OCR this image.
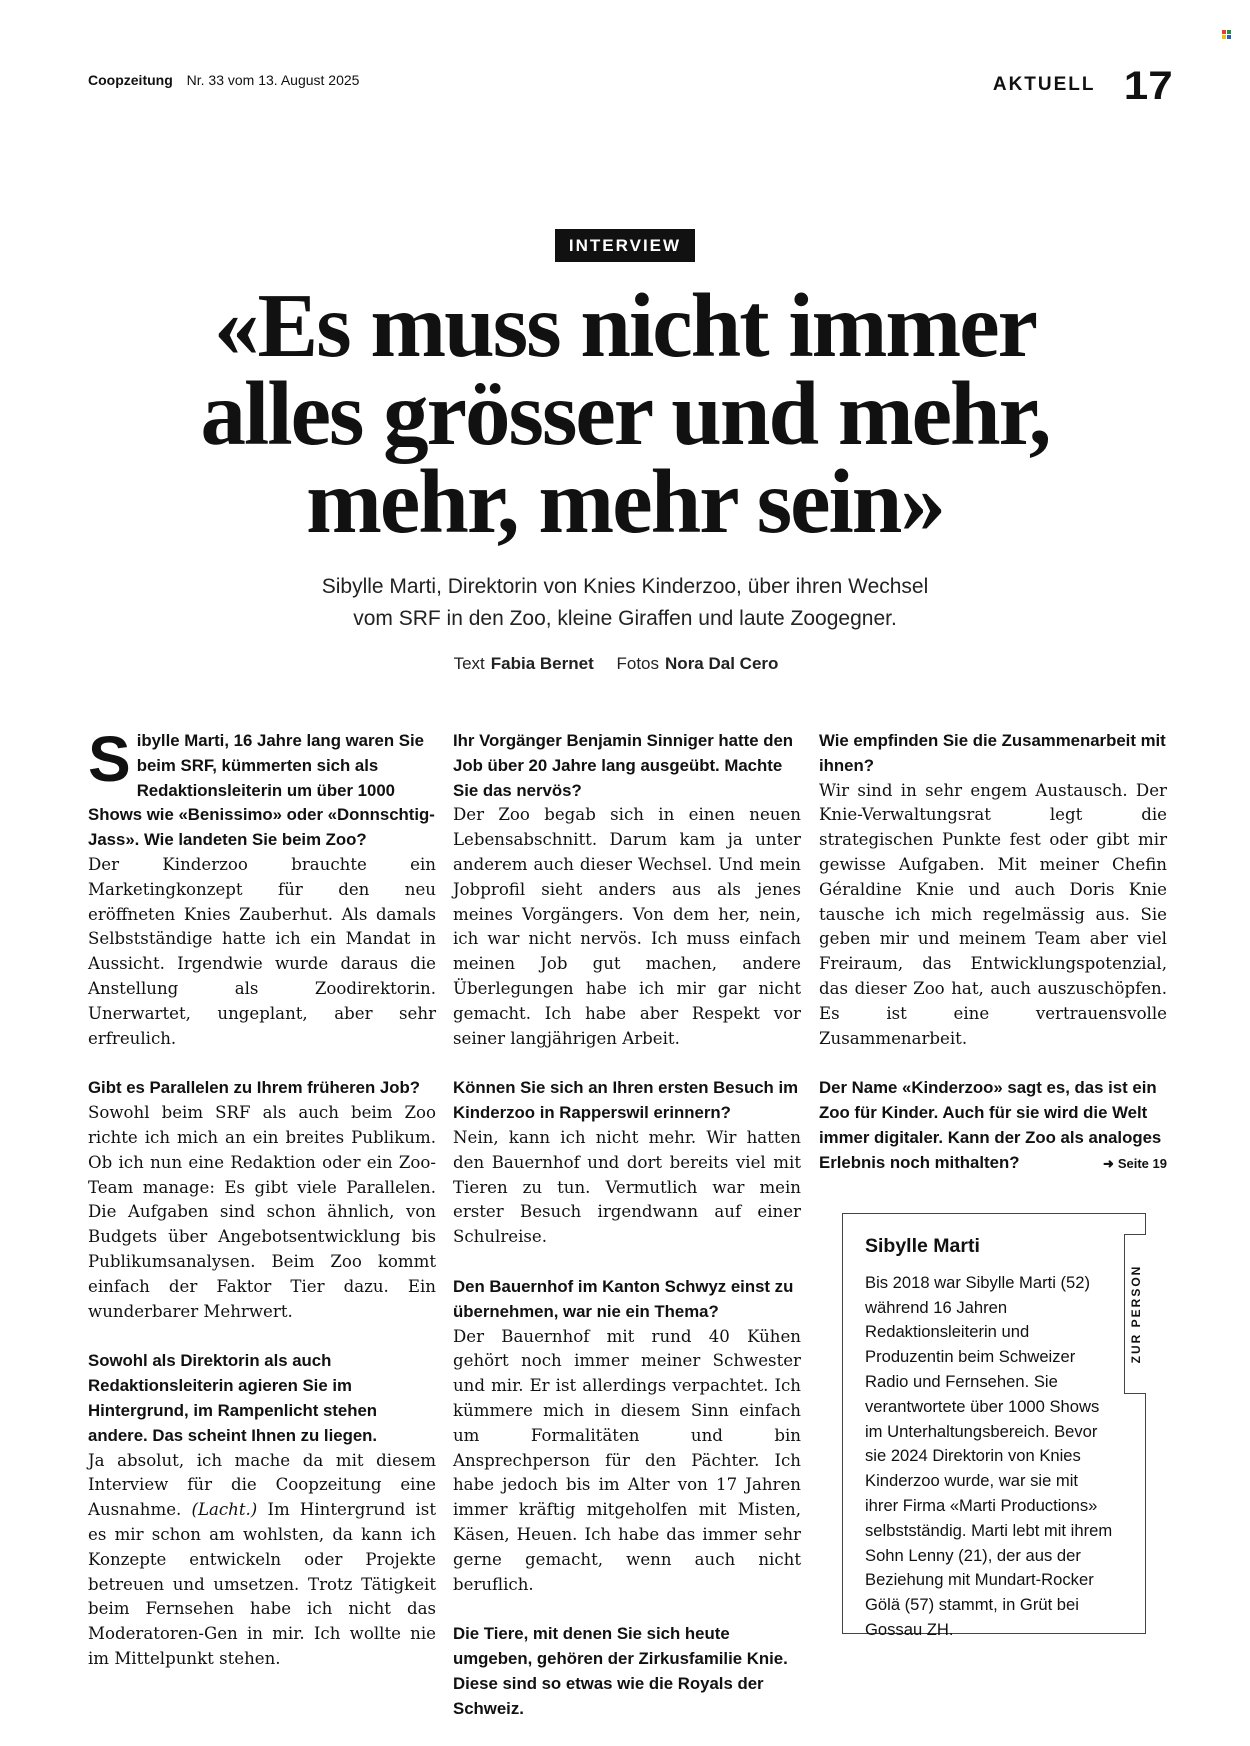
Coopzeitung Nr. 33 vom 13. August 2025	AKTUELL 17
INTERVIEW
«Es muss nicht immer
alles grösser und mehr,
mehr, mehr sein»
Sibylle Marti, Direktorin von Knies Kinderzoo, über ihren Wechsel
vom SRF in den Zoo, kleine Giraffen und laute Zoogegner.
Text Fabia Bernet Fotos Nora Dal Cero

S ibylle Marti, 16 Jahre lang waren Sie beim SRF, kümmerten sich als Redaktionsleiterin um über 1000 Shows wie «Benissimo» oder «Donnschtig-Jass». Wie landeten Sie beim Zoo?
Der Kinderzoo brauchte ein Marketingkonzept für den neu eröffneten Knies Zauberhut. Als damals Selbstständige hatte ich ein Mandat in Aussicht. Irgendwie wurde daraus die Anstellung als Zoodirektorin. Unerwartet, ungeplant, aber sehr erfreulich.

Gibt es Parallelen zu Ihrem früheren Job?
Sowohl beim SRF als auch beim Zoo richte ich mich an ein breites Publikum. Ob ich nun eine Redaktion oder ein Zoo-Team manage: Es gibt viele Parallelen. Die Aufgaben sind schon ähnlich, von Budgets über Angebotsentwicklung bis Publikumsanalysen. Beim Zoo kommt einfach der Faktor Tier dazu. Ein wunderbarer Mehrwert.

Sowohl als Direktorin als auch Redaktionsleiterin agieren Sie im Hintergrund, im Rampenlicht stehen andere. Das scheint Ihnen zu liegen.
Ja absolut, ich mache da mit diesem Interview für die Coopzeitung eine Ausnahme. (Lacht.) Im Hintergrund ist es mir schon am wohlsten, da kann ich Konzepte entwickeln oder Projekte betreuen und umsetzen. Trotz Tätigkeit beim Fernsehen habe ich nicht das Moderatoren-Gen in mir. Ich wollte nie im Mittelpunkt stehen.

Ihr Vorgänger Benjamin Sinniger hatte den Job über 20 Jahre lang ausgeübt. Machte Sie das nervös?
Der Zoo begab sich in einen neuen Lebensabschnitt. Darum kam ja unter anderem auch dieser Wechsel. Und mein Jobprofil sieht anders aus als jenes meines Vorgängers. Von dem her, nein, ich war nicht nervös. Ich muss einfach meinen Job gut machen, andere Überlegungen habe ich mir gar nicht gemacht. Ich habe aber Respekt vor seiner langjährigen Arbeit.

Können Sie sich an Ihren ersten Besuch im Kinderzoo in Rapperswil erinnern?
Nein, kann ich nicht mehr. Wir hatten den Bauernhof und dort bereits viel mit Tieren zu tun. Vermutlich war mein erster Besuch irgendwann auf einer Schulreise.

Den Bauernhof im Kanton Schwyz einst zu übernehmen, war nie ein Thema?
Der Bauernhof mit rund 40 Kühen gehört noch immer meiner Schwester und mir. Er ist allerdings verpachtet. Ich kümmere mich in diesem Sinn einfach um Formalitäten und bin Ansprechperson für den Pächter. Ich habe jedoch bis im Alter von 17 Jahren immer kräftig mitgeholfen mit Misten, Käsen, Heuen. Ich habe das immer sehr gerne gemacht, wenn auch nicht beruflich.

Die Tiere, mit denen Sie sich heute umgeben, gehören der Zirkusfamilie Knie. Diese sind so etwas wie die Royals der Schweiz.

Wie empfinden Sie die Zusammenarbeit mit ihnen?
Wir sind in sehr engem Austausch. Der Knie-Verwaltungsrat legt die strategischen Punkte fest oder gibt mir gewisse Aufgaben. Mit meiner Chefin Géraldine Knie und auch Doris Knie tausche ich mich regelmässig aus. Sie geben mir und meinem Team aber viel Freiraum, das Entwicklungspotenzial, das dieser Zoo hat, auch auszuschöpfen. Es ist eine vertrauensvolle Zusammenarbeit.

Der Name «Kinderzoo» sagt es, das ist ein Zoo für Kinder. Auch für sie wird die Welt immer digitaler. Kann der Zoo als analoges Erlebnis noch mithalten?	➜ Seite 19

Sibylle Marti
Bis 2018 war Sibylle Marti (52) während 16 Jahren Redaktionsleiterin und Produzentin beim Schweizer Radio und Fernsehen. Sie verantwortete über 1000 Shows im Unterhaltungsbereich. Bevor sie 2024 Direktorin von Knies Kinderzoo wurde, war sie mit ihrer Firma «Marti Productions» selbstständig. Marti lebt mit ihrem Sohn Lenny (21), der aus der Beziehung mit Mundart-Rocker Gölä (57) stammt, in Grüt bei Gossau ZH.
ZUR PERSON
